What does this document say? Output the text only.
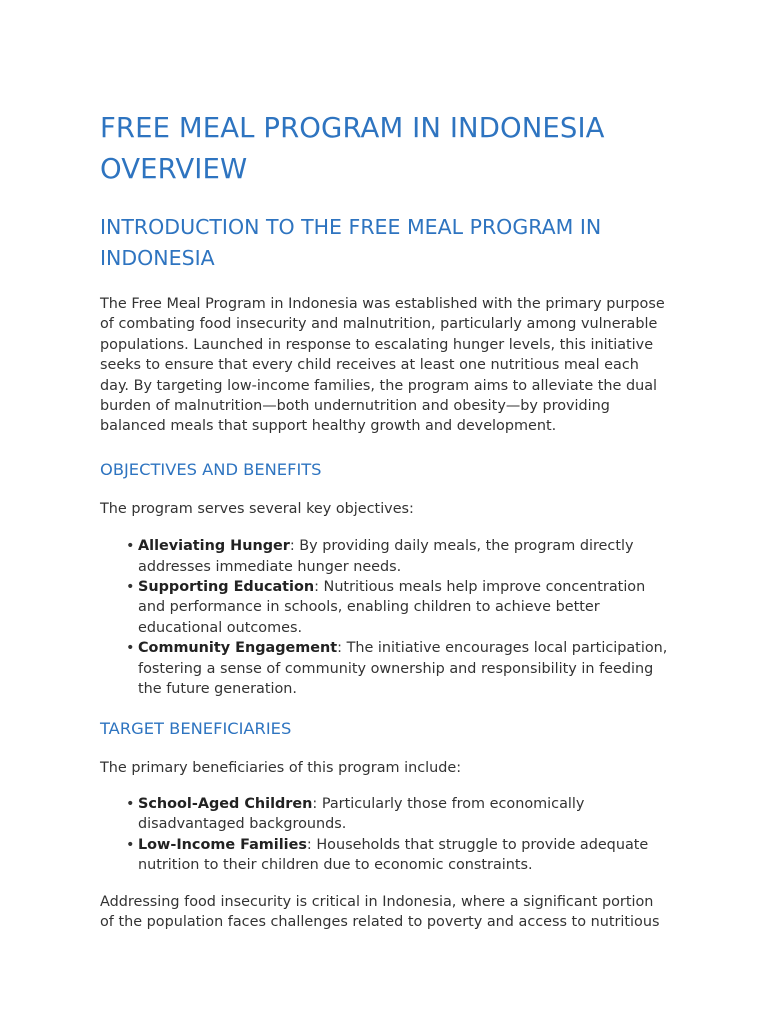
FREE MEAL PROGRAM IN INDONESIA OVERVIEW
INTRODUCTION TO THE FREE MEAL PROGRAM IN INDONESIA

The Free Meal Program in Indonesia was established with the primary purpose of combating food insecurity and malnutrition, particularly among vulnerable populations. Launched in response to escalating hunger levels, this initiative seeks to ensure that every child receives at least one nutritious meal each day. By targeting low-income families, the program aims to alleviate the dual burden of malnutrition—both undernutrition and obesity—by providing balanced meals that support healthy growth and development.

OBJECTIVES AND BENEFITS

The program serves several key objectives:

• Alleviating Hunger: By providing daily meals, the program directly addresses immediate hunger needs.
• Supporting Education: Nutritious meals help improve concentration and performance in schools, enabling children to achieve better educational outcomes.
• Community Engagement: The initiative encourages local participation, fostering a sense of community ownership and responsibility in feeding the future generation.
TARGET BENEFICIARIES

The primary beneficiaries of this program include:

• School-Aged Children: Particularly those from economically disadvantaged backgrounds.
• Low-Income Families: Households that struggle to provide adequate nutrition to their children due to economic constraints.

Addressing food insecurity is critical in Indonesia, where a significant portion of the population faces challenges related to poverty and access to nutritious
